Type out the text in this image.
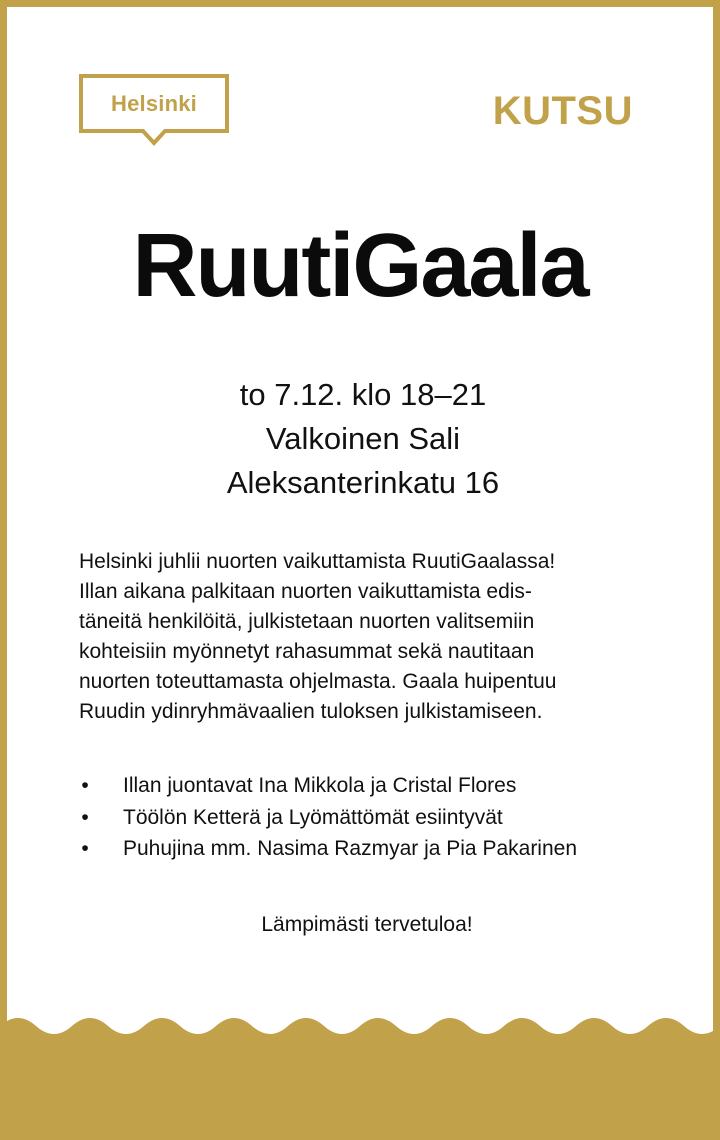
Helsinki	KUTSU
RuutiGaala
to 7.12. klo 18–21
Valkoinen Sali
Aleksanterinkatu 16
Helsinki juhlii nuorten vaikuttamista RuutiGaalassa!
Illan aikana palkitaan nuorten vaikuttamista edis-
täneitä henkilöitä, julkistetaan nuorten valitsemiin
kohteisiin myönnetyt rahasummat sekä nautitaan
nuorten toteuttamasta ohjelmasta. Gaala huipentuu
Ruudin ydinryhmävaalien tuloksen julkistamiseen.
• Illan juontavat Ina Mikkola ja Cristal Flores
• Töölön Ketterä ja Lyömättömät esiintyvät
• Puhujina mm. Nasima Razmyar ja Pia Pakarinen
Lämpimästi tervetuloa!
